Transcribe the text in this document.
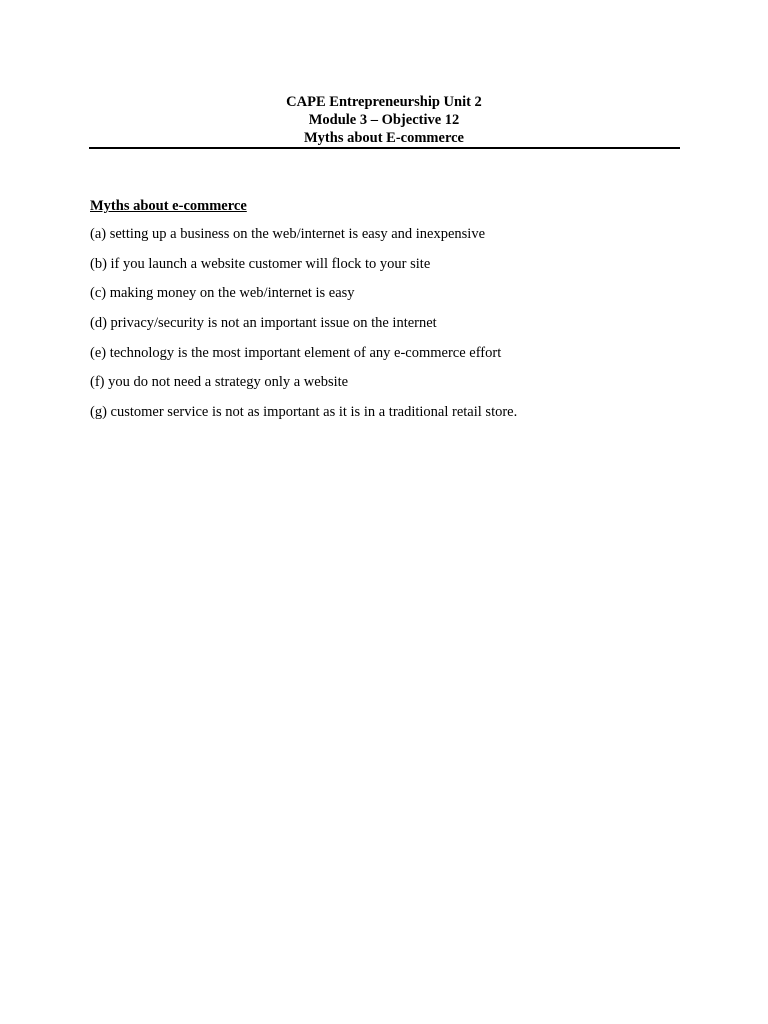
CAPE Entrepreneurship Unit 2
Module 3 – Objective 12
Myths about E-commerce
Myths about e-commerce
(a) setting up a business on the web/internet is easy and inexpensive
(b) if you launch a website customer will flock to your site
(c) making money on the web/internet is easy
(d) privacy/security is not an important issue on the internet
(e) technology is the most important element of any e-commerce effort
(f) you do not need a strategy only a website
(g) customer service is not as important as it is in a traditional retail store.
